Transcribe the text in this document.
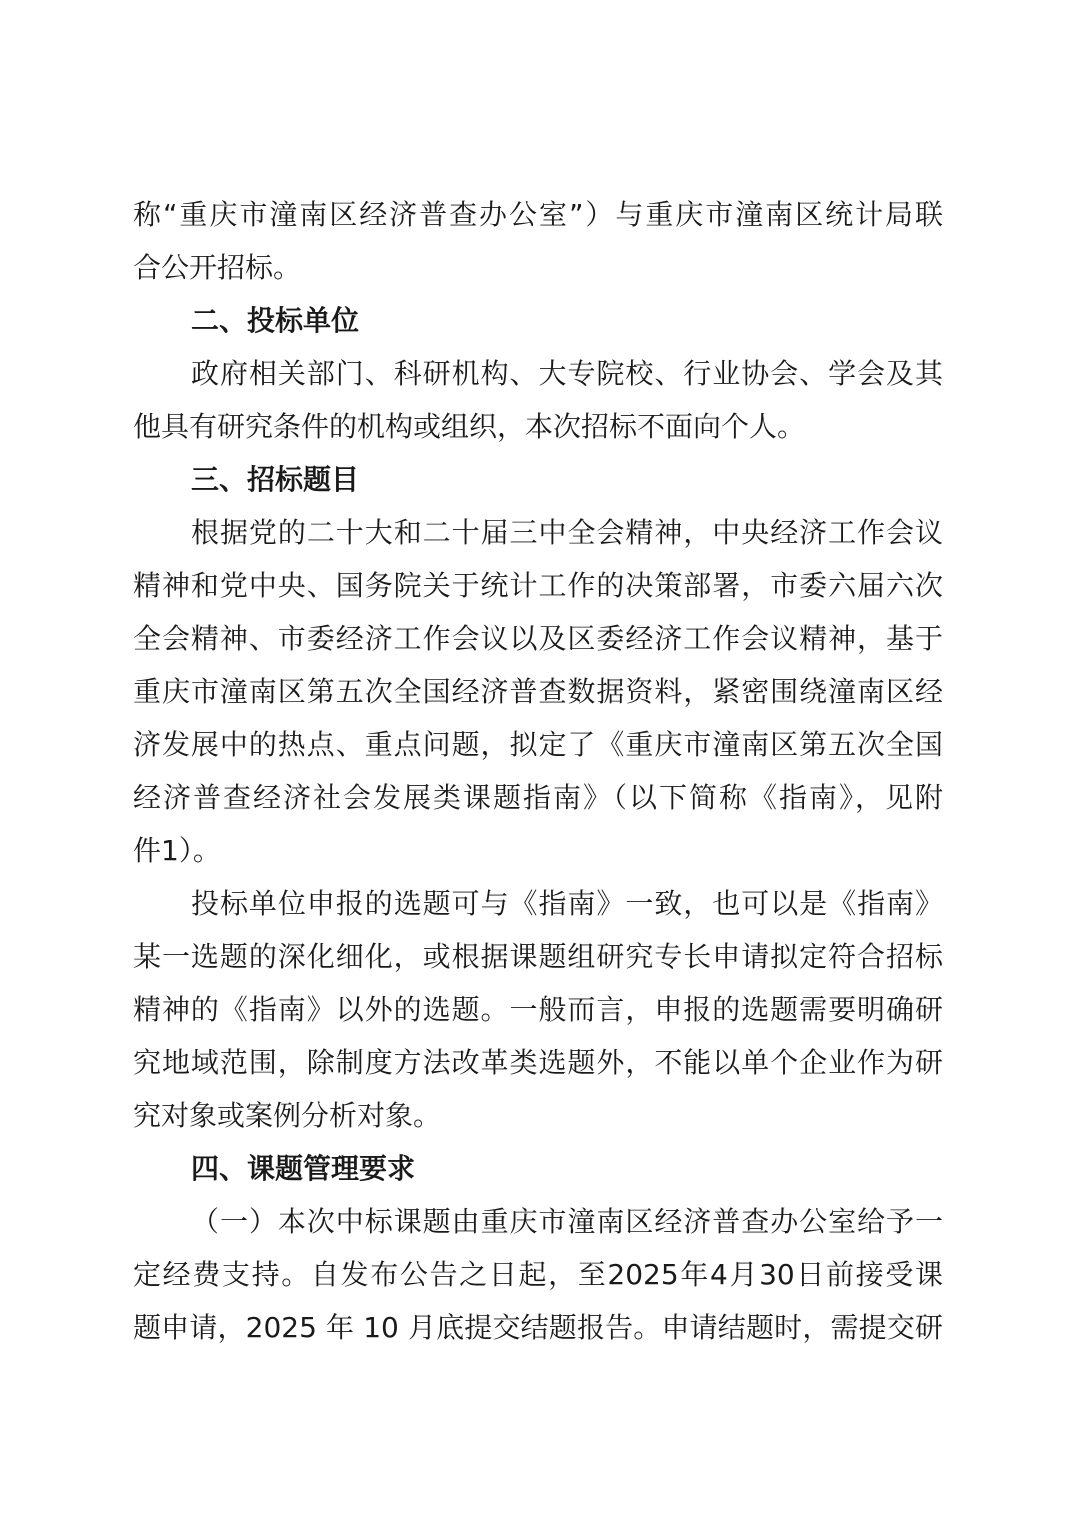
称“重庆市潼南区经济普查办公室”）与重庆市潼南区统计局联
合公开招标。
二、投标单位
政府相关部门、科研机构、大专院校、行业协会、学会及其
他具有研究条件的机构或组织，本次招标不面向个人。
三、招标题目
根据党的二十大和二十届三中全会精神，中央经济工作会议
精神和党中央、国务院关于统计工作的决策部署，市委六届六次
全会精神、市委经济工作会议以及区委经济工作会议精神，基于
重庆市潼南区第五次全国经济普查数据资料，紧密围绕潼南区经
济发展中的热点、重点问题，拟定了《重庆市潼南区第五次全国
经济普查经济社会发展类课题指南》（以下简称《指南》，见附
件1）。
投标单位申报的选题可与《指南》一致，也可以是《指南》
某一选题的深化细化，或根据课题组研究专长申请拟定符合招标
精神的《指南》以外的选题。一般而言，申报的选题需要明确研
究地域范围，除制度方法改革类选题外，不能以单个企业作为研
究对象或案例分析对象。
四、课题管理要求
（一）本次中标课题由重庆市潼南区经济普查办公室给予一
定经费支持。自发布公告之日起，至2025年4月30日前接受课
题申请，2025 年 10 月底提交结题报告。申请结题时，需提交研
